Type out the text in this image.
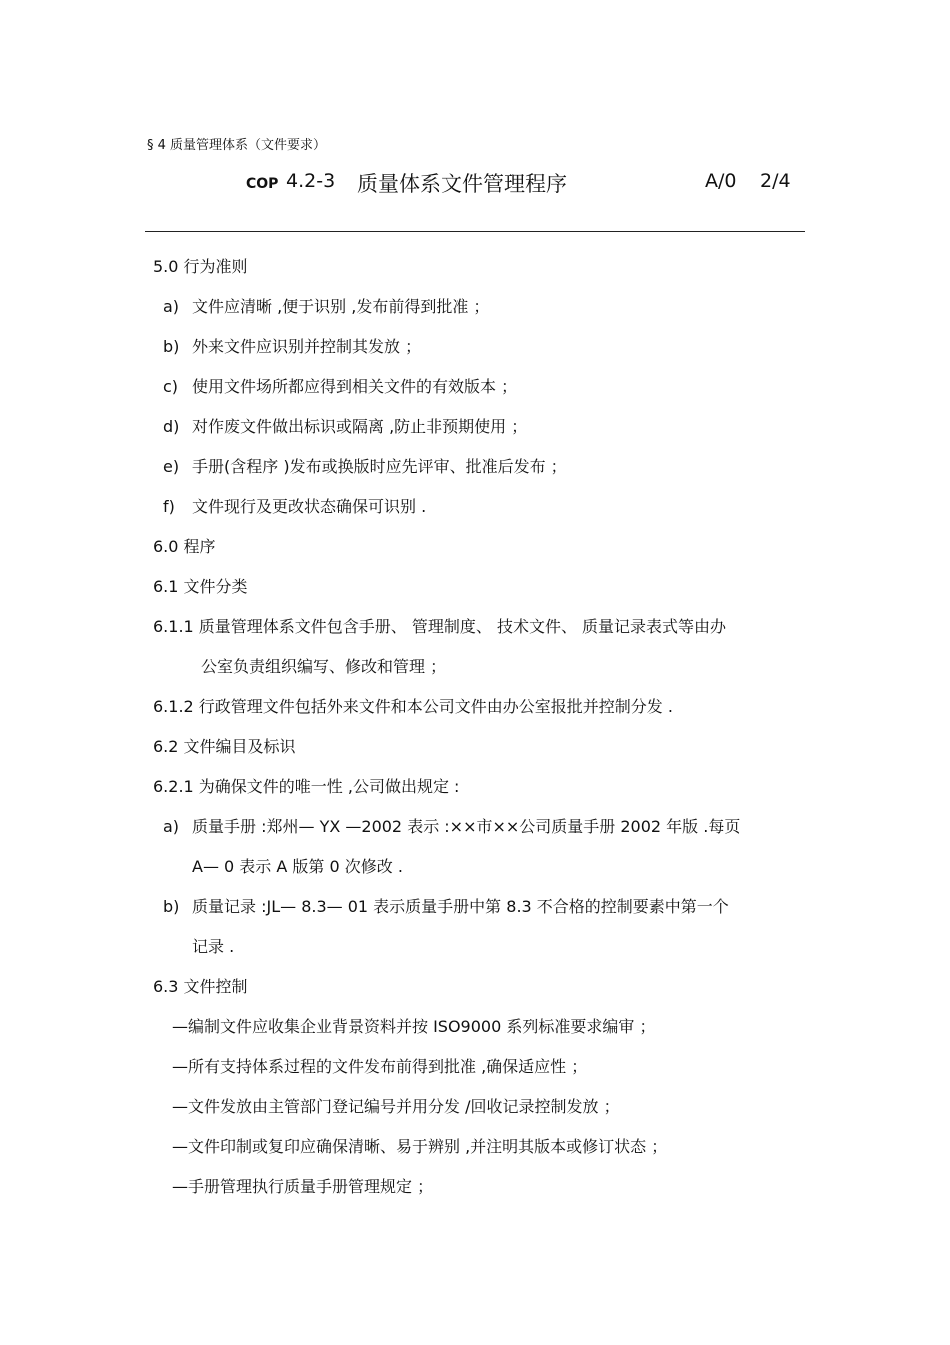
§ 4 质量管理体系（文件要求）
COP 4.2-3 质量体系文件管理程序	A/0 2/4
5.0 行为准则
a) 文件应清晰 ,便于识别 ,发布前得到批准 ；
b) 外来文件应识别并控制其发放 ；
c) 使用文件场所都应得到相关文件的有效版本 ；
d) 对作废文件做出标识或隔离 ,防止非预期使用 ；
e) 手册(含程序 )发布或换版时应先评审、批准后发布 ；
f) 文件现行及更改状态确保可识别 .
6.0 程序
6.1 文件分类
6.1.1 质量管理体系文件包含手册、 管理制度、 技术文件、 质量记录表式等由办
公室负责组织编写、修改和管理 ；
6.1.2 行政管理文件包括外来文件和本公司文件由办公室报批并控制分发 .
6.2 文件编目及标识
6.2.1 为确保文件的唯一性 ,公司做出规定 :
a) 质量手册 :郑州— YX —2002 表示 :××市××公司质量手册 2002 年版 .每页
A— 0 表示 A 版第 0 次修改 .
b) 质量记录 :JL— 8.3— 01 表示质量手册中第 8.3 不合格的控制要素中第一个
记录 .
6.3 文件控制
—编制文件应收集企业背景资料并按 ISO9000 系列标准要求编审 ；
—所有支持体系过程的文件发布前得到批准 ,确保适应性 ；
—文件发放由主管部门登记编号并用分发 /回收记录控制发放 ；
—文件印制或复印应确保清晰、易于辨别 ,并注明其版本或修订状态 ；
—手册管理执行质量手册管理规定 ；
